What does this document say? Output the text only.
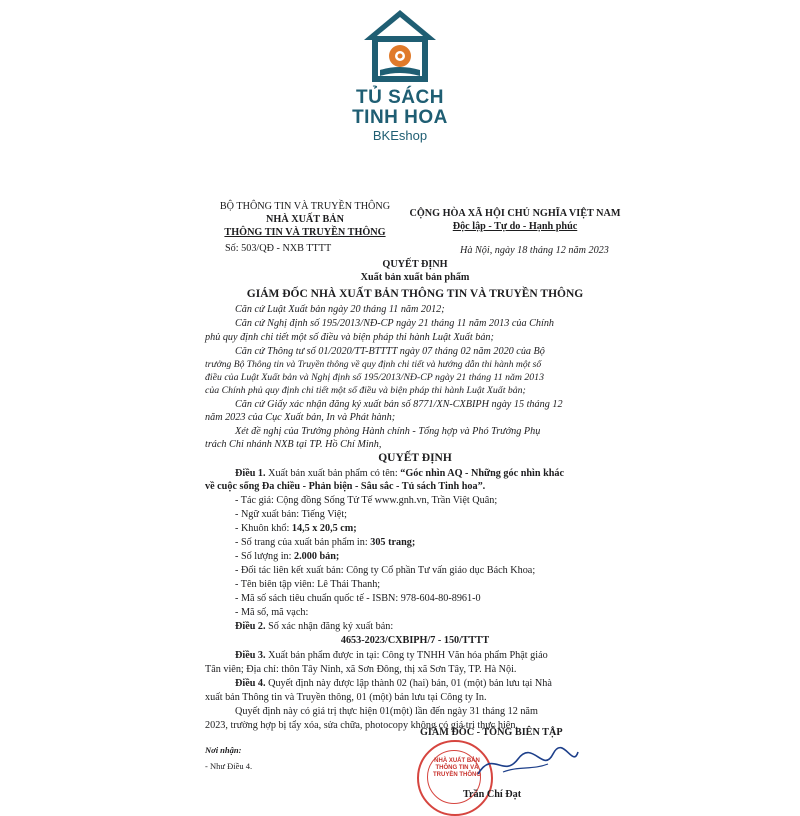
TỦ SÁCH
TINH HOA
BKEshop
BỘ THÔNG TIN VÀ TRUYỀN THÔNG
NHÀ XUẤT BẢN
THÔNG TIN VÀ TRUYỀN THÔNG
Số: 503/QĐ - NXB TTTT
CỘNG HÒA XÃ HỘI CHỦ NGHĨA VIỆT NAM
Độc lập - Tự do - Hạnh phúc
Hà Nội, ngày 18 tháng 12 năm 2023
QUYẾT ĐỊNH
Xuất bản xuất bản phẩm
GIÁM ĐỐC NHÀ XUẤT BẢN THÔNG TIN VÀ TRUYỀN THÔNG
Căn cứ Luật Xuất bản ngày 20 tháng 11 năm 2012;
Căn cứ Nghị định số 195/2013/NĐ-CP ngày 21 tháng 11 năm 2013 của Chính
phủ quy định chi tiết một số điều và biện pháp thi hành Luật Xuất bản;
Căn cứ Thông tư số 01/2020/TT-BTTTT ngày 07 tháng 02 năm 2020 của Bộ
trưởng Bộ Thông tin và Truyền thông về quy định chi tiết và hướng dẫn thi hành một số
điều của Luật Xuất bản và Nghị định số 195/2013/NĐ-CP ngày 21 tháng 11 năm 2013
của Chính phủ quy định chi tiết một số điều và biện pháp thi hành Luật Xuất bản;
Căn cứ Giấy xác nhận đăng ký xuất bản số 8771/XN-CXBIPH ngày 15 tháng 12
năm 2023 của Cục Xuất bản, In và Phát hành;
Xét đề nghị của Trưởng phòng Hành chính - Tổng hợp và Phó Trưởng Phụ
trách Chi nhánh NXB tại TP. Hồ Chí Minh,
QUYẾT ĐỊNH
Điều 1. Xuất bản xuất bản phẩm có tên: “Góc nhìn AQ - Những góc nhìn khác
về cuộc sống Đa chiều - Phản biện - Sâu sắc - Tủ sách Tinh hoa”.
- Tác giả: Cộng đồng Sống Tử Tế www.gnh.vn, Trần Việt Quân;
- Ngữ xuất bản: Tiếng Việt;
- Khuôn khổ: 14,5 x 20,5 cm;
- Số trang của xuất bản phẩm in: 305 trang;
- Số lượng in: 2.000 bản;
- Đối tác liên kết xuất bản: Công ty Cổ phần Tư vấn giáo dục Bách Khoa;
- Tên biên tập viên: Lê Thái Thanh;
- Mã số sách tiêu chuẩn quốc tế - ISBN: 978-604-80-8961-0
- Mã số, mã vạch:
Điều 2. Số xác nhận đăng ký xuất bản:
4653-2023/CXBIPH/7 - 150/TTTT
Điều 3. Xuất bản phẩm được in tại: Công ty TNHH Văn hóa phẩm Phật giáo
Tân viên; Địa chỉ: thôn Tây Ninh, xã Sơn Đông, thị xã Sơn Tây, TP. Hà Nội.
Điều 4. Quyết định này được lập thành 02 (hai) bản, 01 (một) bản lưu tại Nhà
xuất bản Thông tin và Truyền thông, 01 (một) bản lưu tại Công ty In.
Quyết định này có giá trị thực hiện 01(một) lần đến ngày 31 tháng 12 năm
2023, trường hợp bị tẩy xóa, sửa chữa, photocopy không có giá trị thực hiện.
Nơi nhận:
- Như Điều 4.
GIÁM ĐỐC - TỔNG BIÊN TẬP
NHÀ XUẤT BẢN THÔNG TIN VÀ TRUYỀN THÔNG
Trần Chí Đạt
